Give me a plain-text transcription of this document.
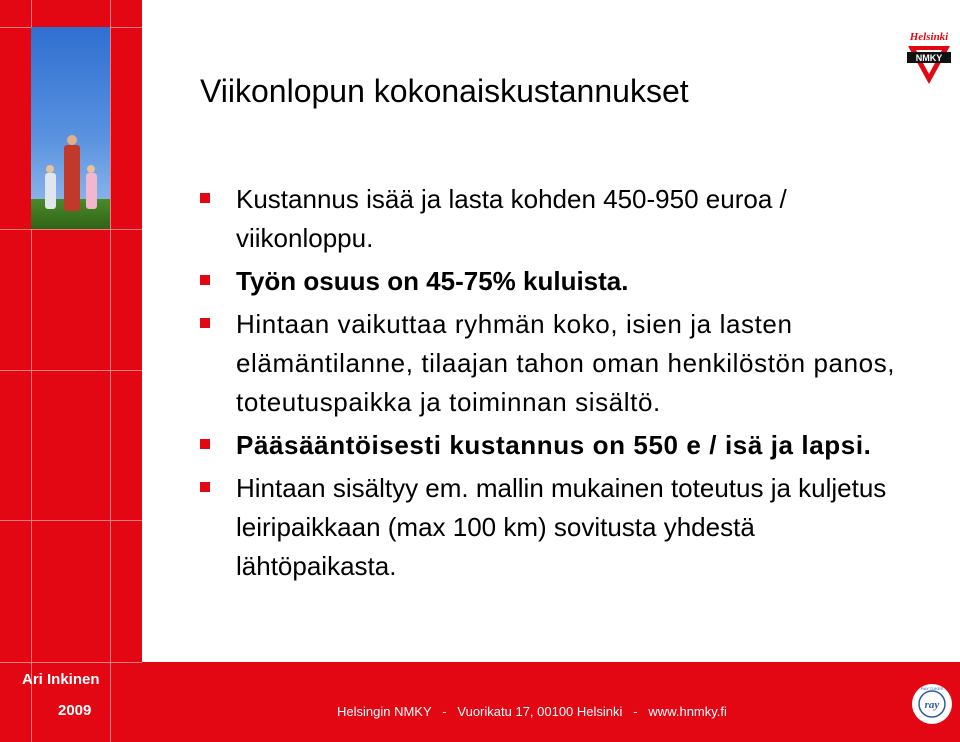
Helsinki
NMKY
Viikonlopun kokonaiskustannukset
Kustannus isää ja lasta kohden 450-950 euroa / viikonloppu.
Työn osuus on 45-75% kuluista.
Hintaan vaikuttaa ryhmän koko, isien ja lasten elämäntilanne, tilaajan tahon oman henkilöstön panos, toteutuspaikka ja toiminnan sisältö.
Pääsääntöisesti kustannus on 550 e / isä ja lapsi.
Hintaan sisältyy em. mallin mukainen toteutus ja kuljetus leiripaikkaan (max 100 km) sovitusta yhdestä lähtöpaikasta.
Ari Inkinen
2009	Helsingin NMKY   -   Vuorikatu 17, 00100 Helsinki   -   www.hnmky.fi	ray
RAY TUKEE
